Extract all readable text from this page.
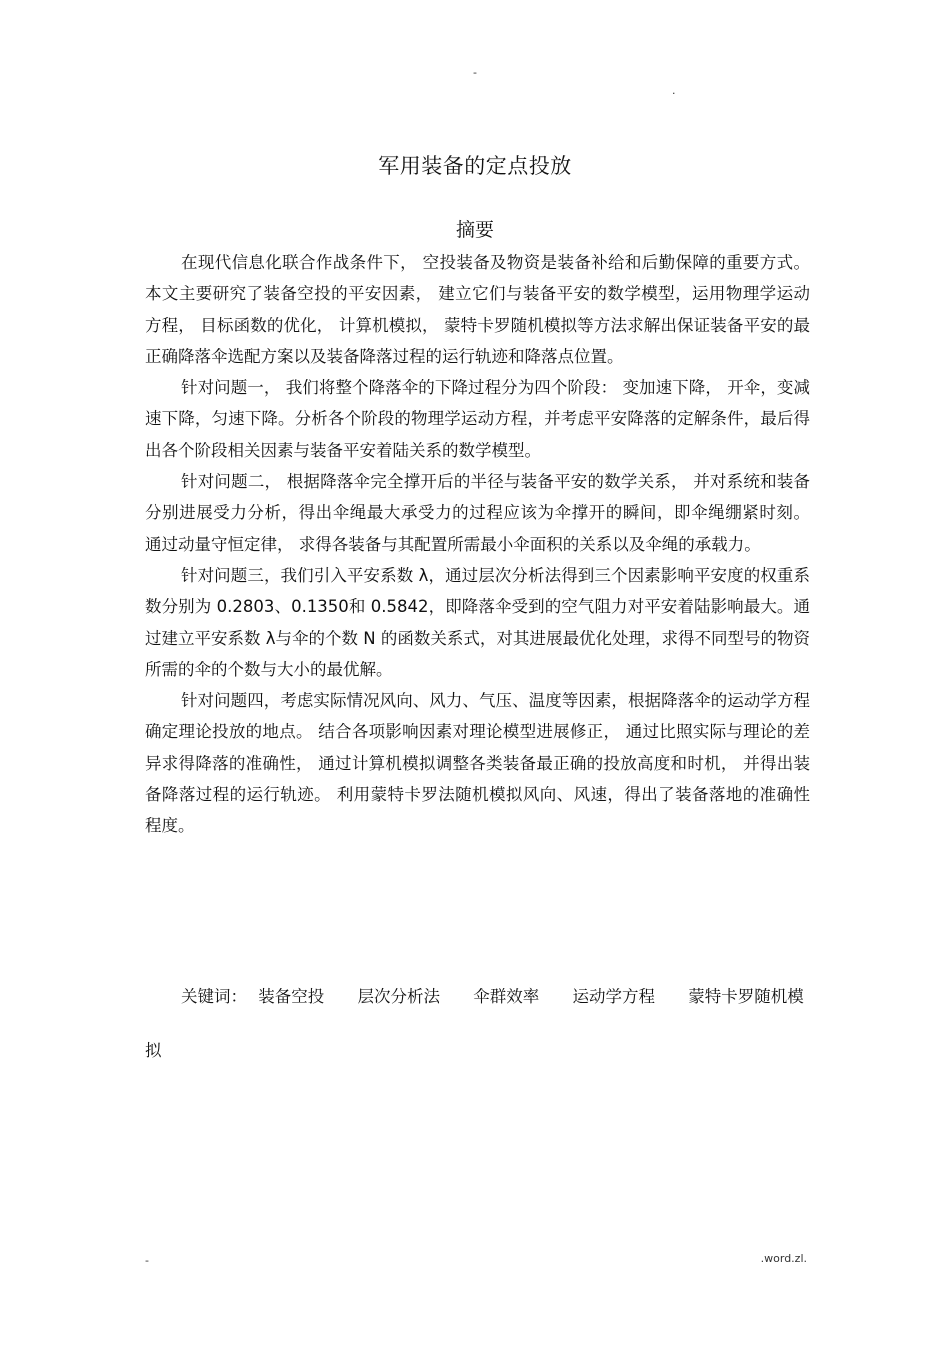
-
.
军用装备的定点投放
摘要

在现代信息化联合作战条件下， 空投装备及物资是装备补给和后勤保障的重要方式。本文主要研究了装备空投的平安因素， 建立它们与装备平安的数学模型，运用物理学运动方程， 目标函数的优化， 计算机模拟， 蒙特卡罗随机模拟等方法求解出保证装备平安的最正确降落伞选配方案以及装备降落过程的运行轨迹和降落点位置。

针对问题一， 我们将整个降落伞的下降过程分为四个阶段： 变加速下降， 开伞，变减速下降，匀速下降。分析各个阶段的物理学运动方程，并考虑平安降落的定解条件，最后得出各个阶段相关因素与装备平安着陆关系的数学模型。

针对问题二， 根据降落伞完全撑开后的半径与装备平安的数学关系， 并对系统和装备分别进展受力分析，得出伞绳最大承受力的过程应该为伞撑开的瞬间，即伞绳绷紧时刻。 通过动量守恒定律， 求得各装备与其配置所需最小伞面积的关系以及伞绳的承载力。

针对问题三，我们引入平安系数 λ，通过层次分析法得到三个因素影响平安度的权重系数分别为 0.2803、0.1350和 0.5842，即降落伞受到的空气阻力对平安着陆影响最大。通过建立平安系数 λ与伞的个数 N 的函数关系式，对其进展最优化处理，求得不同型号的物资所需的伞的个数与大小的最优解。

针对问题四，考虑实际情况风向、风力、气压、温度等因素，根据降落伞的运动学方程确定理论投放的地点。 结合各项影响因素对理论模型进展修正， 通过比照实际与理论的差异求得降落的准确性， 通过计算机模拟调整各类装备最正确的投放高度和时机， 并得出装备降落过程的运行轨迹。 利用蒙特卡罗法随机模拟风向、风速，得出了装备落地的准确性程度。

关键词： 装备空投 层次分析法 伞群效率 运动学方程 蒙特卡罗随机模拟
-	.word.zl.
